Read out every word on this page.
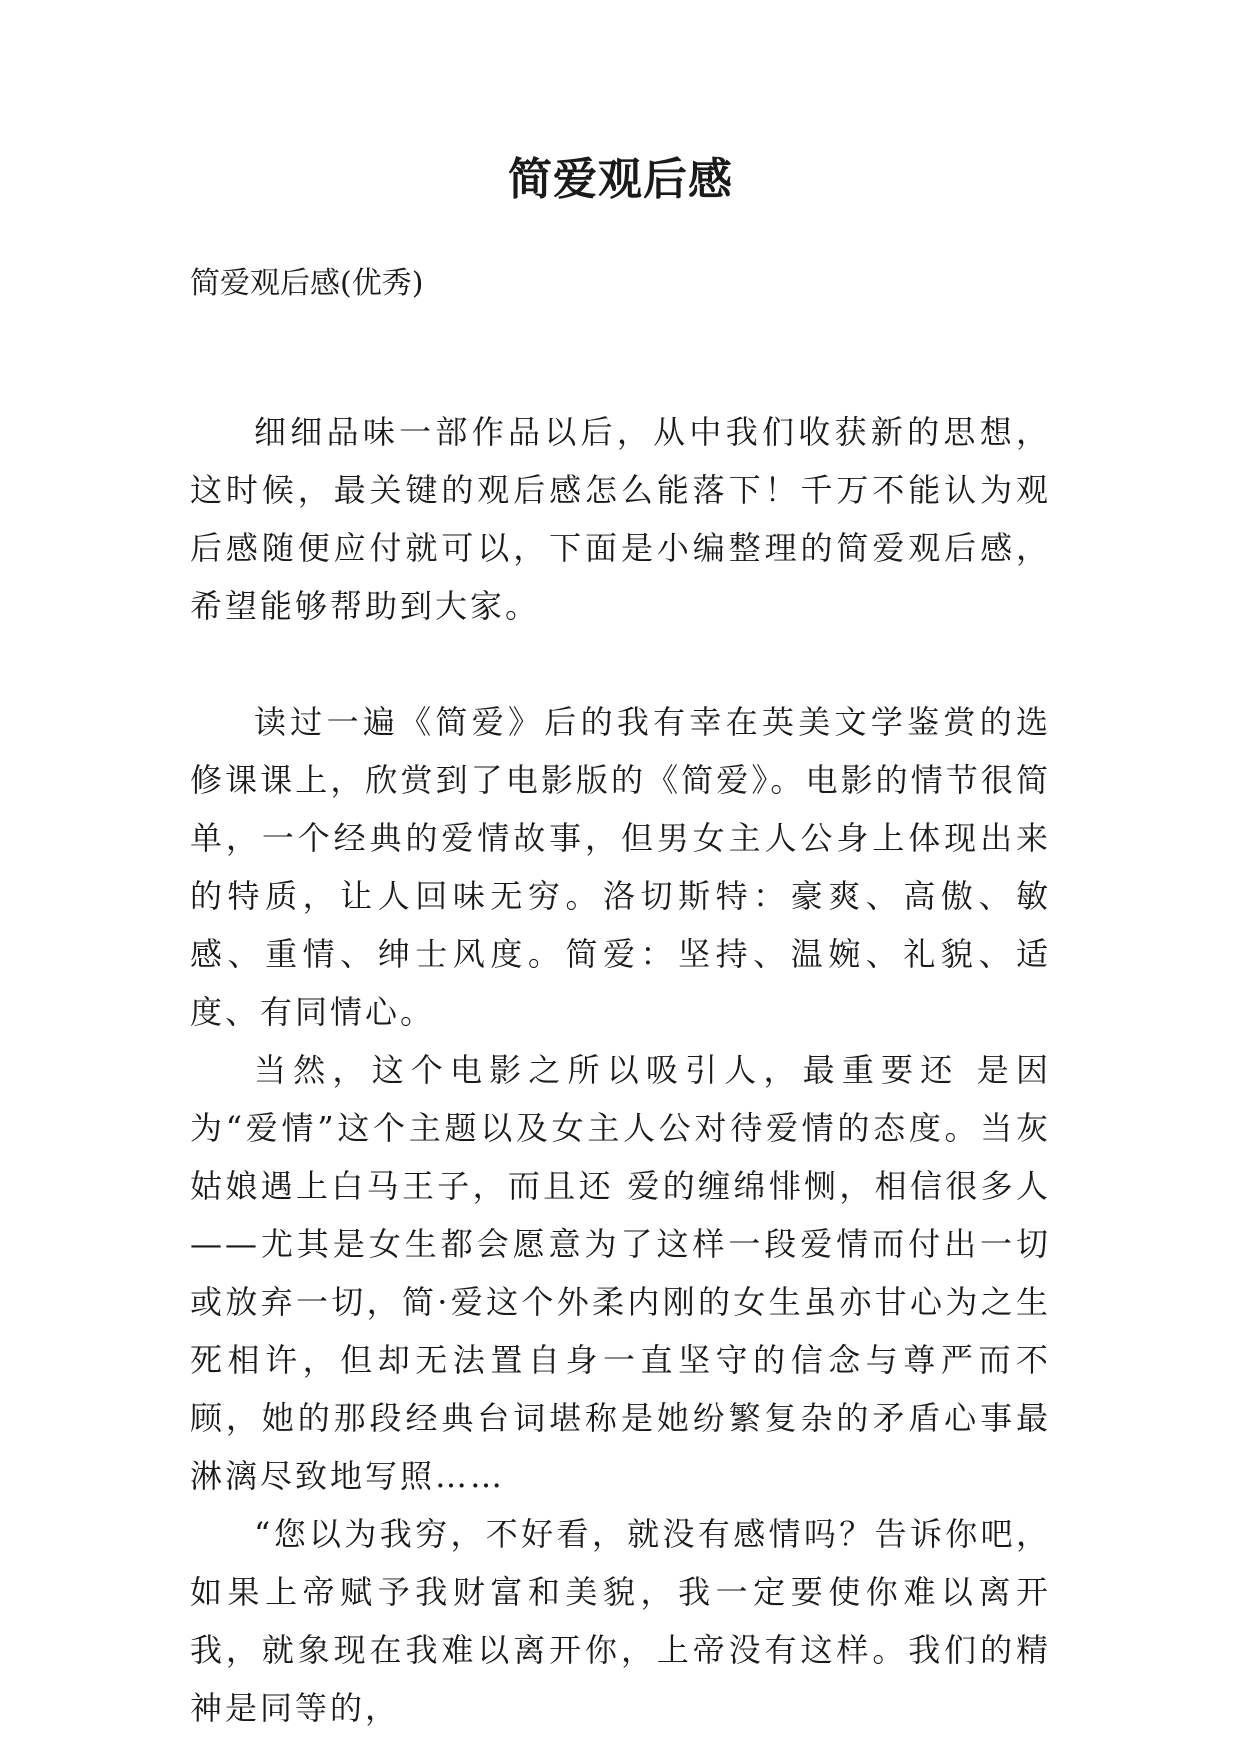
简爱观后感
简爱观后感(优秀)

细细品味一部作品以后，从中我们收获新的思想，这时候，最关键的观后感怎么能落下！千万不能认为观后感随便应付就可以，下面是小编整理的简爱观后感，希望能够帮助到大家。

读过一遍《简爱》后的我有幸在英美文学鉴赏的选修课课上，欣赏到了电影版的《简爱》。电影的情节很简单，一个经典的爱情故事，但男女主人公身上体现出来的特质，让人回味无穷。洛切斯特：豪爽、高傲、敏感、重情、绅士风度。简爱：坚持、温婉、礼貌、适度、有同情心。

当然，这个电影之所以吸引人，最重要还 是因为“爱情”这个主题以及女主人公对待爱情的态度。当灰姑娘遇上白马王子，而且还 爱的缠绵悱恻，相信很多人——尤其是女生都会愿意为了这样一段爱情而付出一切或放弃一切，简·爱这个外柔内刚的女生虽亦甘心为之生死相许，但却无法置自身一直坚守的信念与尊严而不顾，她的那段经典台词堪称是她纷繁复杂的矛盾心事最淋漓尽致地写照……

“您以为我穷，不好看，就没有感情吗？告诉你吧，如果上帝赋予我财富和美貌，我一定要使你难以离开我，就象现在我难以离开你，上帝没有这样。我们的精神是同等的，
